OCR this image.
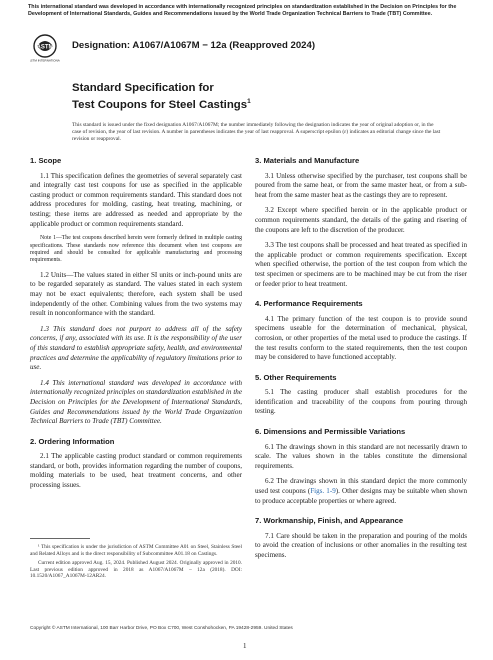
This international standard was developed in accordance with internationally recognized principles on standardization established in the Decision on Principles for the Development of International Standards, Guides and Recommendations issued by the World Trade Organization Technical Barriers to Trade (TBT) Committee.
ASTM
ASTM INTERNATIONAL
Designation: A1067/A1067M − 12a (Reapproved 2024)
Standard Specification for
Test Coupons for Steel Castings$^1$
This standard is issued under the fixed designation A1067/A1067M; the number immediately following the designation indicates the year of original adoption or, in the case of revision, the year of last revision. A number in parentheses indicates the year of last reapproval. A superscript epsilon (ε) indicates an editorial change since the last revision or reapproval.
1. Scope

1.1 This specification defines the geometries of several separately cast and integrally cast test coupons for use as specified in the applicable casting product or common requirements standard. This standard does not address procedures for molding, casting, heat treating, machining, or testing; these items are addressed as needed and appropriate by the applicable product or common requirements standard.

Note 1—The test coupons described herein were formerly defined in multiple casting specifications. These standards now reference this document when test coupons are required and should be consulted for applicable manufacturing and processing requirements.

1.2 Units—The values stated in either SI units or inch-pound units are to be regarded separately as standard. The values stated in each system may not be exact equivalents; therefore, each system shall be used independently of the other. Combining values from the two systems may result in nonconformance with the standard.

1.3 This standard does not purport to address all of the safety concerns, if any, associated with its use. It is the responsibility of the user of this standard to establish appropriate safety, health, and environmental practices and determine the applicability of regulatory limitations prior to use.

1.4 This international standard was developed in accordance with internationally recognized principles on standardization established in the Decision on Principles for the Development of International Standards, Guides and Recommendations issued by the World Trade Organization Technical Barriers to Trade (TBT) Committee.

2. Ordering Information

2.1 The applicable casting product standard or common requirements standard, or both, provides information regarding the number of coupons, molding materials to be used, heat treatment concerns, and other processing issues.

¹ This specification is under the jurisdiction of ASTM Committee A01 on Steel, Stainless Steel and Related Alloys and is the direct responsibility of Subcommittee A01.18 on Castings.

Current edition approved Aug. 15, 2024. Published August 2024. Originally approved in 2010. Last previous edition approved in 2018 as A1067/A1067M – 12a (2018). DOI: 10.1520/A1067_A1067M-12AR24.

3. Materials and Manufacture

3.1 Unless otherwise specified by the purchaser, test coupons shall be poured from the same heat, or from the same master heat, or from a sub-heat from the same master heat as the castings they are to represent.

3.2 Except where specified herein or in the applicable product or common requirements standard, the details of the gating and risering of the coupons are left to the discretion of the producer.

3.3 The test coupons shall be processed and heat treated as specified in the applicable product or common requirements specification. Except when specified otherwise, the portion of the test coupon from which the test specimen or specimens are to be machined may be cut from the riser or feeder prior to heat treatment.

4. Performance Requirements

4.1 The primary function of the test coupon is to provide sound specimens useable for the determination of mechanical, physical, corrosion, or other properties of the metal used to produce the castings. If the test results conform to the stated requirements, then the test coupon may be considered to have functioned acceptably.

5. Other Requirements

5.1 The casting producer shall establish procedures for the identification and traceability of the coupons from pouring through testing.

6. Dimensions and Permissible Variations

6.1 The drawings shown in this standard are not necessarily drawn to scale. The values shown in the tables constitute the dimensional requirements.

6.2 The drawings shown in this standard depict the more commonly used test coupons (Figs. 1-9). Other designs may be suitable when shown to produce acceptable properties or where agreed.

7. Workmanship, Finish, and Appearance

7.1 Care should be taken in the preparation and pouring of the molds to avoid the creation of inclusions or other anomalies in the resulting test specimens.

Copyright © ASTM International, 100 Barr Harbor Drive, PO Box C700, West Conshohocken, PA 19428-2959. United States
1
